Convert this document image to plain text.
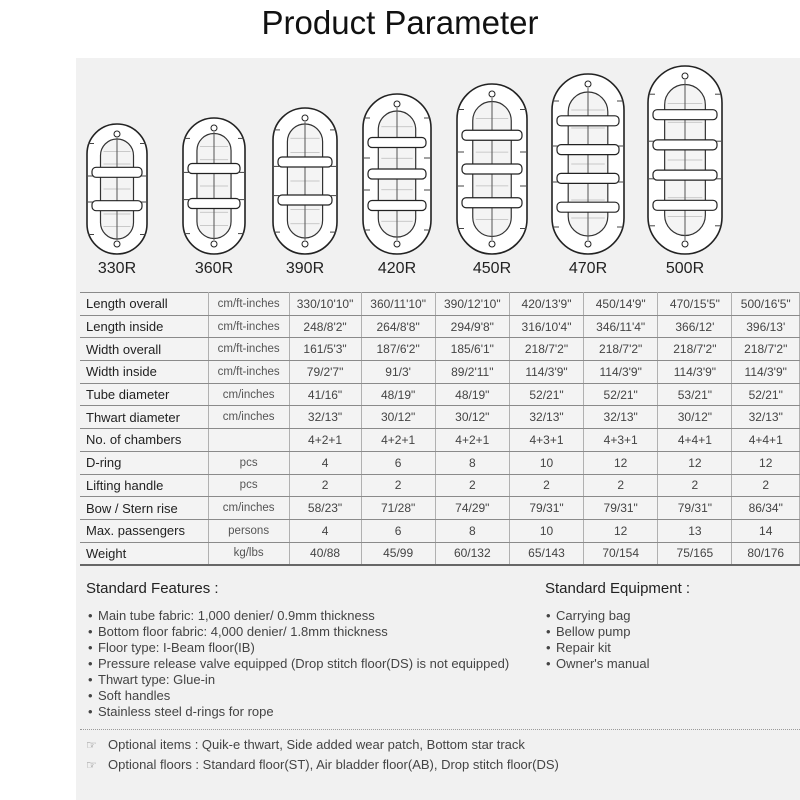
Product Parameter
330R	360R	390R	420R	450R	470R	500R
Length overall	cm/ft-inches	330/10'10"	360/11'10"	390/12'10"	420/13'9"	450/14'9"	470/15'5"	500/16'5"
Length inside	cm/ft-inches	248/8'2"	264/8'8"	294/9'8"	316/10'4"	346/11'4"	366/12'	396/13'
Width overall	cm/ft-inches	161/5'3"	187/6'2"	185/6'1"	218/7'2"	218/7'2"	218/7'2"	218/7'2"
Width inside	cm/ft-inches	79/2'7"	91/3'	89/2'11"	114/3'9"	114/3'9"	114/3'9"	114/3'9"
Tube diameter	cm/inches	41/16"	48/19"	48/19"	52/21"	52/21"	53/21"	52/21"
Thwart diameter	cm/inches	32/13"	30/12"	30/12"	32/13"	32/13"	30/12"	32/13"
No. of chambers		4+2+1	4+2+1	4+2+1	4+3+1	4+3+1	4+4+1	4+4+1
D-ring	pcs	4	6	8	10	12	12	12
Lifting handle	pcs	2	2	2	2	2	2	2
Bow / Stern rise	cm/inches	58/23"	71/28"	74/29"	79/31"	79/31"	79/31"	86/34"
Max. passengers	persons	4	6	8	10	12	13	14
Weight	kg/lbs	40/88	45/99	60/132	65/143	70/154	75/165	80/176
Standard Features :
• Main tube fabric: 1,000 denier/ 0.9mm thickness
• Bottom floor fabric: 4,000 denier/ 1.8mm thickness
• Floor type: I-Beam floor(IB)
• Pressure release valve equipped (Drop stitch floor(DS) is not equipped)
• Thwart type: Glue-in
• Soft handles
• Stainless steel d-rings for rope
Standard Equipment :
• Carrying bag
• Bellow pump
• Repair kit
• Owner's manual
☞ Optional items : Quik-e thwart, Side added wear patch, Bottom star track
☞ Optional floors : Standard floor(ST), Air bladder floor(AB), Drop stitch floor(DS)
